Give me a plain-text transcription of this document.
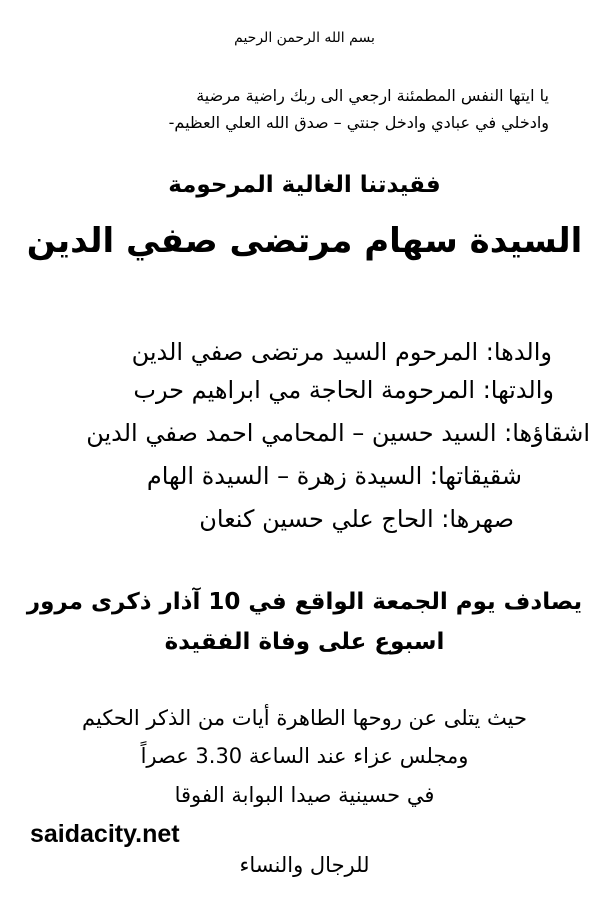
بسم الله الرحمن الرحيم
يا ايتها النفس المطمئنة ارجعي الى ربك راضية مرضية
وادخلي في عبادي وادخل جنتي – صدق الله العلي العظيم-
فقيدتنا الغالية المرحومة
السيدة سهام مرتضى صفي الدين
والدها: المرحوم السيد مرتضى صفي الدين
والدتها: المرحومة الحاجة مي ابراهيم حرب
اشقاؤها: السيد حسين – المحامي احمد صفي الدين
شقيقاتها: السيدة زهرة – السيدة الهام
صهرها: الحاج علي حسين كنعان
يصادف يوم الجمعة الواقع في 10 آذار ذكرى مرور
اسبوع على وفاة الفقيدة
حيث يتلى عن روحها الطاهرة أيات من الذكر الحكيم
ومجلس عزاء عند الساعة 3.30 عصراً
في حسينية صيدا البوابة الفوقا
للرجال والنساء
saidacity.net
